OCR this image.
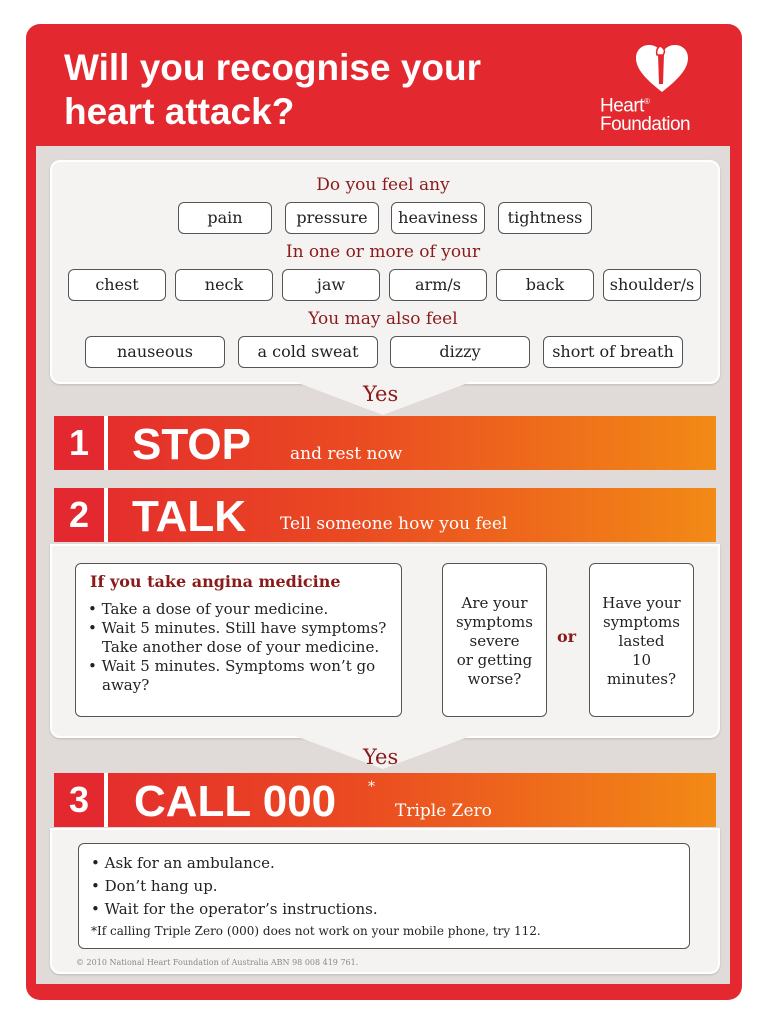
Will you recognise your
heart attack?	Heart®
Foundation
Do you feel any
pain	pressure	heaviness	tightness
In one or more of your
chest	neck	jaw	arm/s	back	shoulder/s
You may also feel
nauseous	a cold sweat	dizzy	short of breath
Yes
1 STOP and rest now
2 TALK Tell someone how you feel
If you take angina medicine
• Take a dose of your medicine.
• Wait 5 minutes. Still have symptoms? Take another dose of your medicine.
• Wait 5 minutes. Symptoms won’t go away?
Are your
symptoms
severe
or getting
worse?
or
Have your
symptoms
lasted
10
minutes?
Yes
3	CALL 000 *
Triple Zero
• Ask for an ambulance.
• Don’t hang up.
• Wait for the operator’s instructions.
*If calling Triple Zero (000) does not work on your mobile phone, try 112.
© 2010 National Heart Foundation of Australia ABN 98 008 419 761.
